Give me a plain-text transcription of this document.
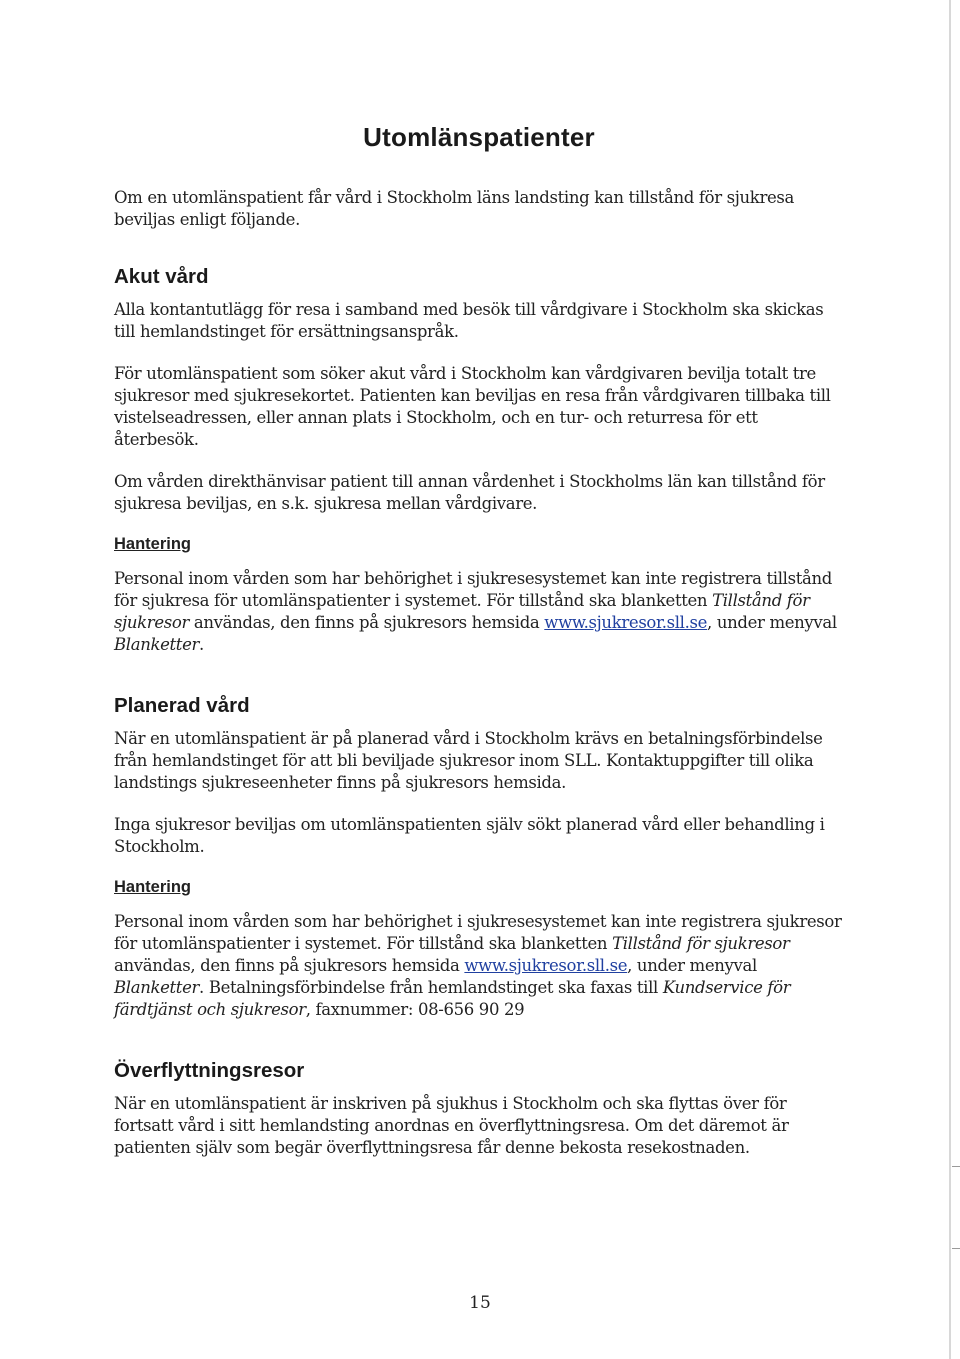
Utomlänspatienter

Om en utomlänspatient får vård i Stockholm läns landsting kan tillstånd för sjukresa beviljas enligt följande.

Akut vård

Alla kontantutlägg för resa i samband med besök till vårdgivare i Stockholm ska skickas till hemlandstinget för ersättningsanspråk.

För utomlänspatient som söker akut vård i Stockholm kan vårdgivaren bevilja totalt tre sjukresor med sjukresekortet. Patienten kan beviljas en resa från vårdgivaren tillbaka till vistelseadressen, eller annan plats i Stockholm, och en tur- och returresa för ett återbesök.

Om vården direkthänvisar patient till annan vårdenhet i Stockholms län kan tillstånd för sjukresa beviljas, en s.k. sjukresa mellan vårdgivare.

Hantering

Personal inom vården som har behörighet i sjukresesystemet kan inte registrera tillstånd för sjukresa för utomlänspatienter i systemet. För tillstånd ska blanketten Tillstånd för sjukresor användas, den finns på sjukresors hemsida www.sjukresor.sll.se, under menyval Blanketter.

Planerad vård

När en utomlänspatient är på planerad vård i Stockholm krävs en betalningsförbindelse från hemlandstinget för att bli beviljade sjukresor inom SLL. Kontaktuppgifter till olika landstings sjukreseenheter finns på sjukresors hemsida.

Inga sjukresor beviljas om utomlänspatienten själv sökt planerad vård eller behandling i Stockholm.

Hantering

Personal inom vården som har behörighet i sjukresesystemet kan inte registrera sjukresor för utomlänspatienter i systemet. För tillstånd ska blanketten Tillstånd för sjukresor användas, den finns på sjukresors hemsida www.sjukresor.sll.se, under menyval Blanketter. Betalningsförbindelse från hemlandstinget ska faxas till Kundservice för färdtjänst och sjukresor, faxnummer: 08-656 90 29

Överflyttningsresor

När en utomlänspatient är inskriven på sjukhus i Stockholm och ska flyttas över för fortsatt vård i sitt hemlandsting anordnas en överflyttningsresa. Om det däremot är patienten själv som begär överflyttningsresa får denne bekosta resekostnaden.

15
